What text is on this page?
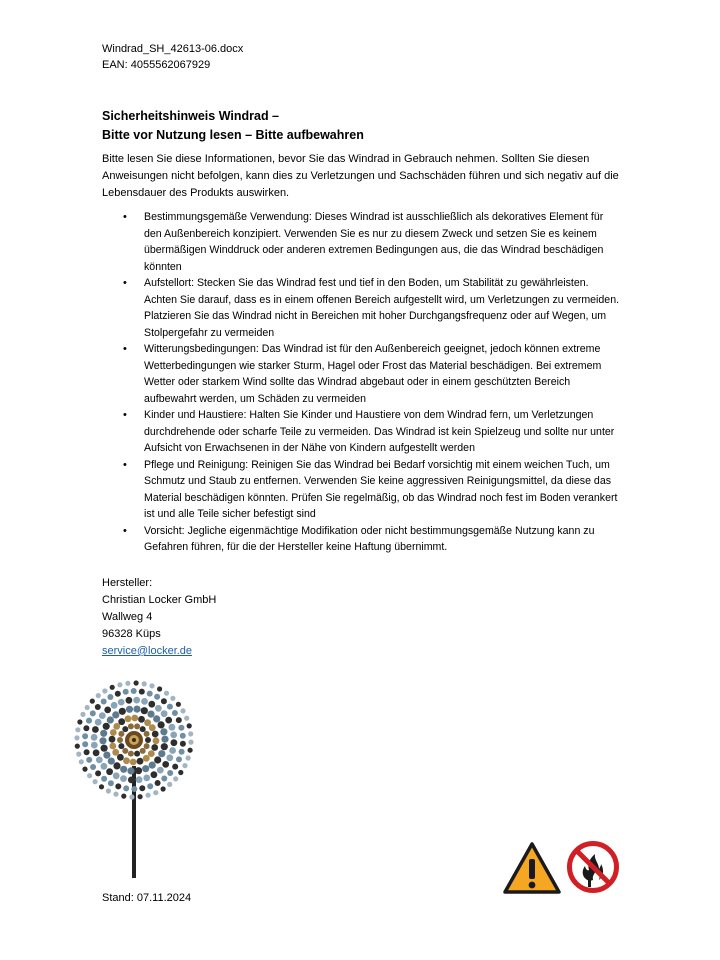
Windrad_SH_42613-06.docx
EAN: 4055562067929
Sicherheitshinweis Windrad –
Bitte vor Nutzung lesen – Bitte aufbewahren
Bitte lesen Sie diese Informationen, bevor Sie das Windrad in Gebrauch nehmen. Sollten Sie diesen Anweisungen nicht befolgen, kann dies zu Verletzungen und Sachschäden führen und sich negativ auf die Lebensdauer des Produkts auswirken.
• Bestimmungsgemäße Verwendung: Dieses Windrad ist ausschließlich als dekoratives Element für den Außenbereich konzipiert. Verwenden Sie es nur zu diesem Zweck und setzen Sie es keinem übermäßigen Winddruck oder anderen extremen Bedingungen aus, die das Windrad beschädigen könnten
• Aufstellort: Stecken Sie das Windrad fest und tief in den Boden, um Stabilität zu gewährleisten. Achten Sie darauf, dass es in einem offenen Bereich aufgestellt wird, um Verletzungen zu vermeiden. Platzieren Sie das Windrad nicht in Bereichen mit hoher Durchgangsfrequenz oder auf Wegen, um Stolpergefahr zu vermeiden
• Witterungsbedingungen: Das Windrad ist für den Außenbereich geeignet, jedoch können extreme Wetterbedingungen wie starker Sturm, Hagel oder Frost das Material beschädigen. Bei extremem Wetter oder starkem Wind sollte das Windrad abgebaut oder in einem geschützten Bereich aufbewahrt werden, um Schäden zu vermeiden
• Kinder und Haustiere: Halten Sie Kinder und Haustiere von dem Windrad fern, um Verletzungen durchdrehende oder scharfe Teile zu vermeiden. Das Windrad ist kein Spielzeug und sollte nur unter Aufsicht von Erwachsenen in der Nähe von Kindern aufgestellt werden
• Pflege und Reinigung: Reinigen Sie das Windrad bei Bedarf vorsichtig mit einem weichen Tuch, um Schmutz und Staub zu entfernen. Verwenden Sie keine aggressiven Reinigungsmittel, da diese das Material beschädigen könnten. Prüfen Sie regelmäßig, ob das Windrad noch fest im Boden verankert ist und alle Teile sicher befestigt sind
• Vorsicht: Jegliche eigenmächtige Modifikation oder nicht bestimmungsgemäße Nutzung kann zu Gefahren führen, für die der Hersteller keine Haftung übernimmt.
Hersteller:
Christian Locker GmbH
Wallweg 4
96328 Küps
service@locker.de
Stand: 07.11.2024
